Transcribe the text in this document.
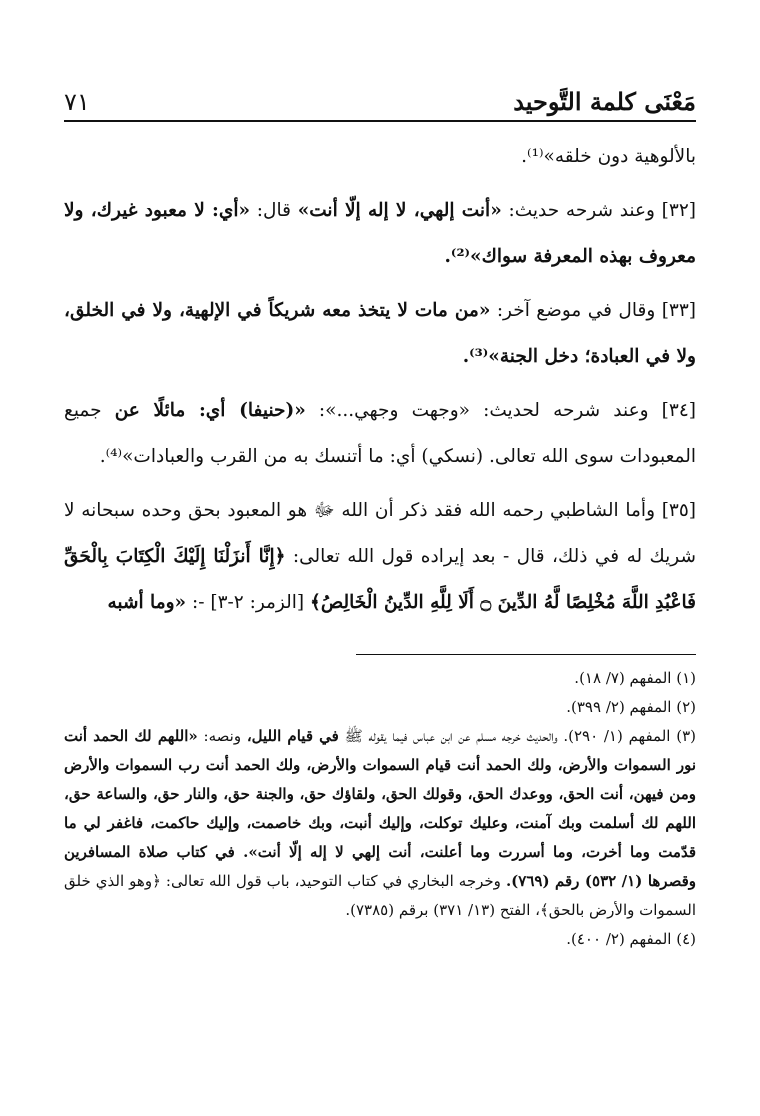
مَعْنَى كلمة التَّوحيد
٧١

بالألوهية دون خلقه»⁽¹⁾.

[٣٢] وعند شرحه حديث: «أنت إلهي، لا إله إلّا أنت» قال: «أي: لا معبود غيرك، ولا معروف بهذه المعرفة سواك»⁽²⁾.

[٣٣] وقال في موضع آخر: «من مات لا يتخذ معه شريكاً في الإلهية، ولا في الخلق، ولا في العبادة؛ دخل الجنة»⁽³⁾.

[٣٤] وعند شرحه لحديث: «وجهت وجهي...»: «(حنيفا) أي: مائلًا عن جميع المعبودات سوى الله تعالى. (نسكي) أي: ما أتنسك به من القرب والعبادات»⁽⁴⁾.

[٣٥] وأما الشاطبي رحمه الله فقد ذكر أن الله ﷻ هو المعبود بحق وحده سبحانه لا شريك له في ذلك، قال - بعد إيراده قول الله تعالى: ﴿إِنَّا أَنزَلْنَا إِلَيْكَ الْكِتَابَ بِالْحَقِّ فَاعْبُدِ اللَّهَ مُخْلِصًا لَّهُ الدِّينَ ۝ أَلَا لِلَّهِ الدِّينُ الْخَالِصُ﴾ [الزمر: ٢-٣] -: «وما أشبه

(١) المفهم (٧/ ١٨).

(٢) المفهم (٢/ ٣٩٩).

(٣) المفهم (١/ ٢٩٠). والحديث خرجه مسلم عن ابن عباس فيما يقوله ﷺ في قيام الليل، ونصه: «اللهم لك الحمد أنت نور السموات والأرض، ولك الحمد أنت قيام السموات والأرض، ولك الحمد أنت رب السموات والأرض ومن فيهن، أنت الحق، ووعدك الحق، وقولك الحق، ولقاؤك حق، والجنة حق، والنار حق، والساعة حق، اللهم لك أسلمت وبك آمنت، وعليك توكلت، وإليك أنبت، وبك خاصمت، وإليك حاكمت، فاغفر لي ما قدّمت وما أخرت، وما أسررت وما أعلنت، أنت إلهي لا إله إلّا أنت». في كتاب صلاة المسافرين وقصرها (١/ ٥٣٢) رقم (٧٦٩). وخرجه البخاري في كتاب التوحيد، باب قول الله تعالى: ﴿وهو الذي خلق السموات والأرض بالحق﴾، الفتح (١٣/ ٣٧١) برقم (٧٣٨٥).

(٤) المفهم (٢/ ٤٠٠).
